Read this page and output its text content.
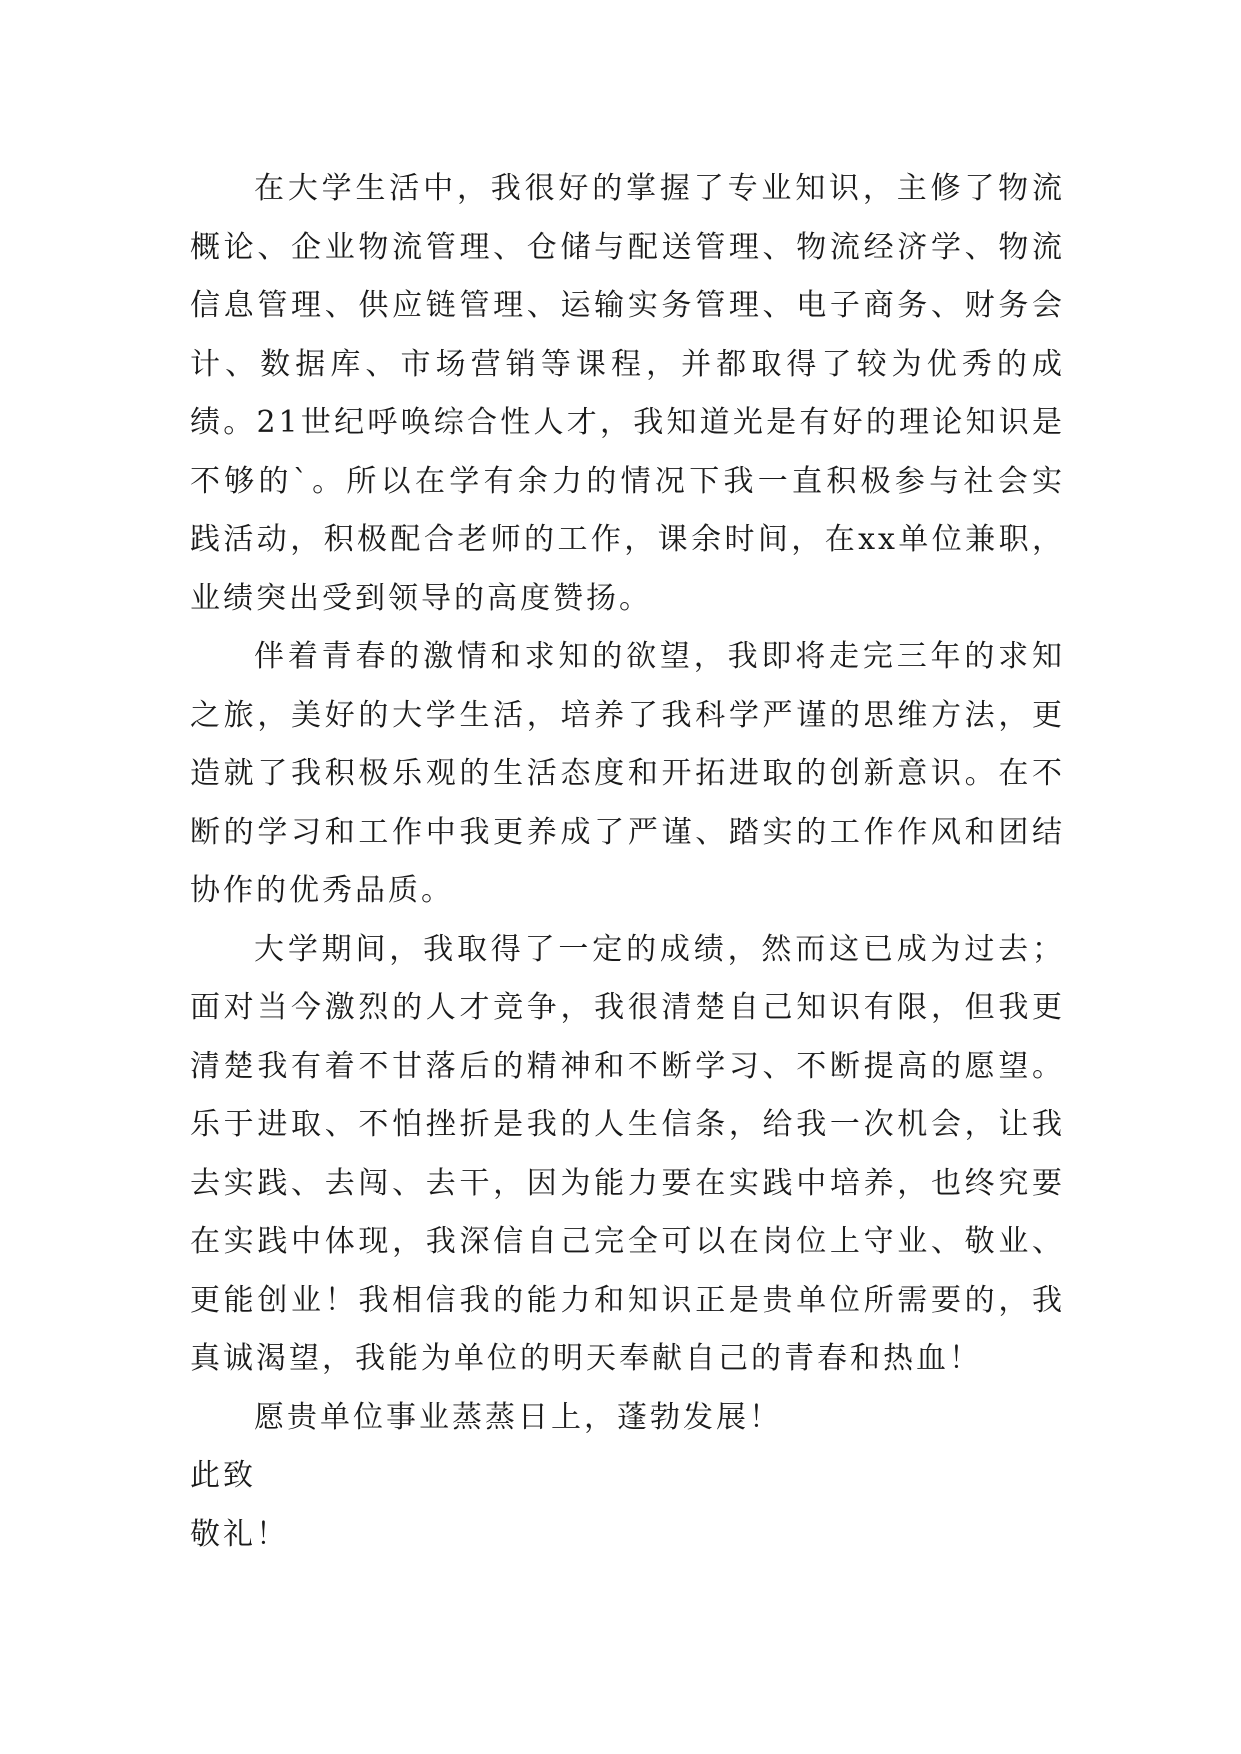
在大学生活中，我很好的掌握了专业知识，主修了物流概论、企业物流管理、仓储与配送管理、物流经济学、物流信息管理、供应链管理、运输实务管理、电子商务、财务会计、数据库、市场营销等课程，并都取得了较为优秀的成绩。21世纪呼唤综合性人才，我知道光是有好的理论知识是不够的`。所以在学有余力的情况下我一直积极参与社会实践活动，积极配合老师的工作，课余时间，在xx单位兼职，业绩突出受到领导的高度赞扬。

伴着青春的激情和求知的欲望，我即将走完三年的求知之旅，美好的大学生活，培养了我科学严谨的思维方法，更造就了我积极乐观的生活态度和开拓进取的创新意识。在不断的学习和工作中我更养成了严谨、踏实的工作作风和团结协作的优秀品质。

大学期间，我取得了一定的成绩，然而这已成为过去；面对当今激烈的人才竞争，我很清楚自己知识有限，但我更清楚我有着不甘落后的精神和不断学习、不断提高的愿望。乐于进取、不怕挫折是我的人生信条，给我一次机会，让我去实践、去闯、去干，因为能力要在实践中培养，也终究要在实践中体现，我深信自己完全可以在岗位上守业、敬业、更能创业！我相信我的能力和知识正是贵单位所需要的，我真诚渴望，我能为单位的明天奉献自己的青春和热血！

愿贵单位事业蒸蒸日上，蓬勃发展！

此致

敬礼！
